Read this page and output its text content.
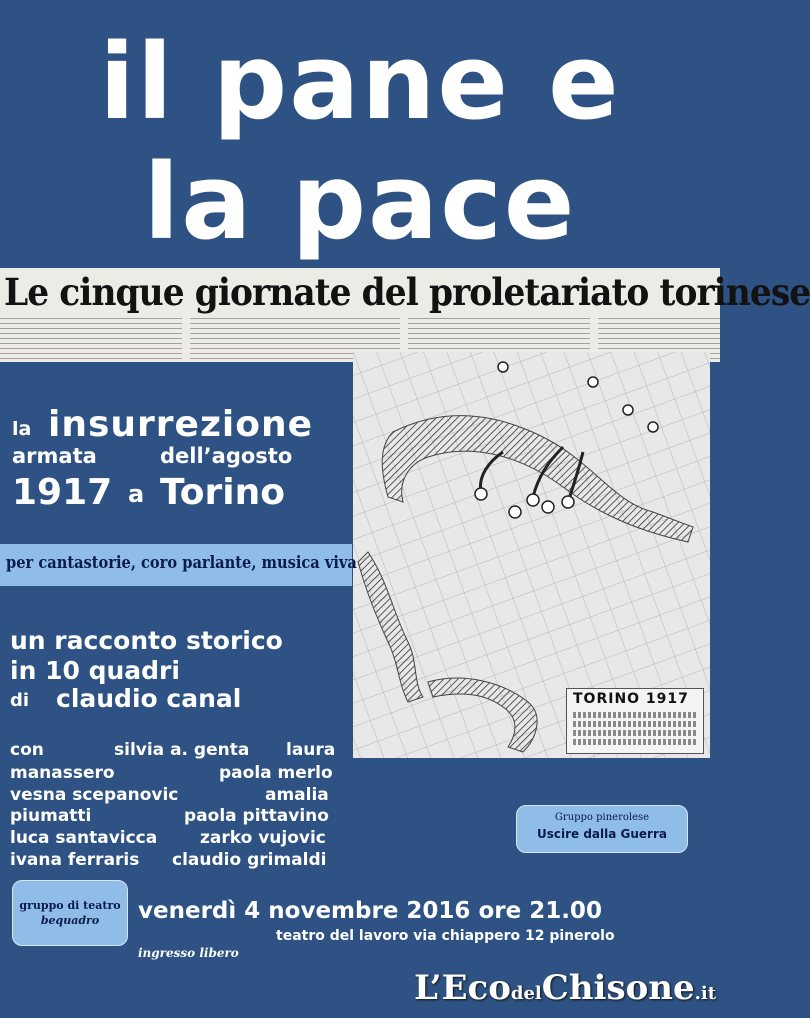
il pane e
la pace
Le cinque giornate del proletariato torinese
TORINO 1917
la insurrezione
armata	dell’agosto
1917 a Torino
per cantastorie, coro parlante, musica viva
un racconto storico
in 10 quadri
di claudio canal
con	silvia a. genta laura
manassero	paola merlo
vesna scepanovic	amalia
piumatti	paola pittavino
luca santavicca	zarko vujovic
ivana ferraris claudio grimaldi
Gruppo pinerolese
Uscire dalla Guerra
gruppo di teatro
bequadro	venerdì 4 novembre 2016 ore 21.00
teatro del lavoro via chiappero 12 pinerolo
ingresso libero
L’EcodelChisone.it
